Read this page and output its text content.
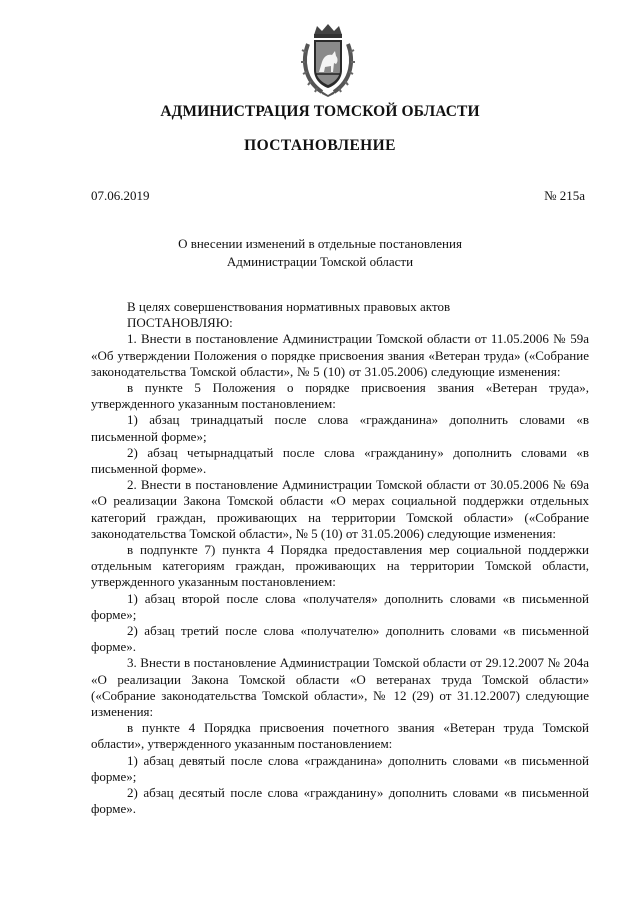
АДМИНИСТРАЦИЯ ТОМСКОЙ ОБЛАСТИ
ПОСТАНОВЛЕНИЕ
07.06.2019	№ 215а
О внесении изменений в отдельные постановления
Администрации Томской области

В целях совершенствования нормативных правовых актов

ПОСТАНОВЛЯЮ:

1. Внести в постановление Администрации Томской области от 11.05.2006 № 59а «Об утверждении Положения о порядке присвоения звания «Ветеран труда» («Собрание законодательства Томской области», № 5 (10) от 31.05.2006) следующие изменения:

в пункте 5 Положения о порядке присвоения звания «Ветеран труда», утвержденного указанным постановлением:

1) абзац тринадцатый после слова «гражданина» дополнить словами «в письменной форме»;

2) абзац четырнадцатый после слова «гражданину» дополнить словами «в письменной форме».

2. Внести в постановление Администрации Томской области от 30.05.2006 № 69а «О реализации Закона Томской области «О мерах социальной поддержки отдельных категорий граждан, проживающих на территории Томской области» («Собрание законодательства Томской области», № 5 (10) от 31.05.2006) следующие изменения:

в подпункте 7) пункта 4 Порядка предоставления мер социальной поддержки отдельным категориям граждан, проживающих на территории Томской области, утвержденного указанным постановлением:

1) абзац второй после слова «получателя» дополнить словами «в письменной форме»;

2) абзац третий после слова «получателю» дополнить словами «в письменной форме».

3. Внести в постановление Администрации Томской области от 29.12.2007 № 204а «О реализации Закона Томской области «О ветеранах труда Томской области» («Собрание законодательства Томской области», № 12 (29) от 31.12.2007) следующие изменения:

в пункте 4 Порядка присвоения почетного звания «Ветеран труда Томской области», утвержденного указанным постановлением:

1) абзац девятый после слова «гражданина» дополнить словами «в письменной форме»;

2) абзац десятый после слова «гражданину» дополнить словами «в письменной форме».
